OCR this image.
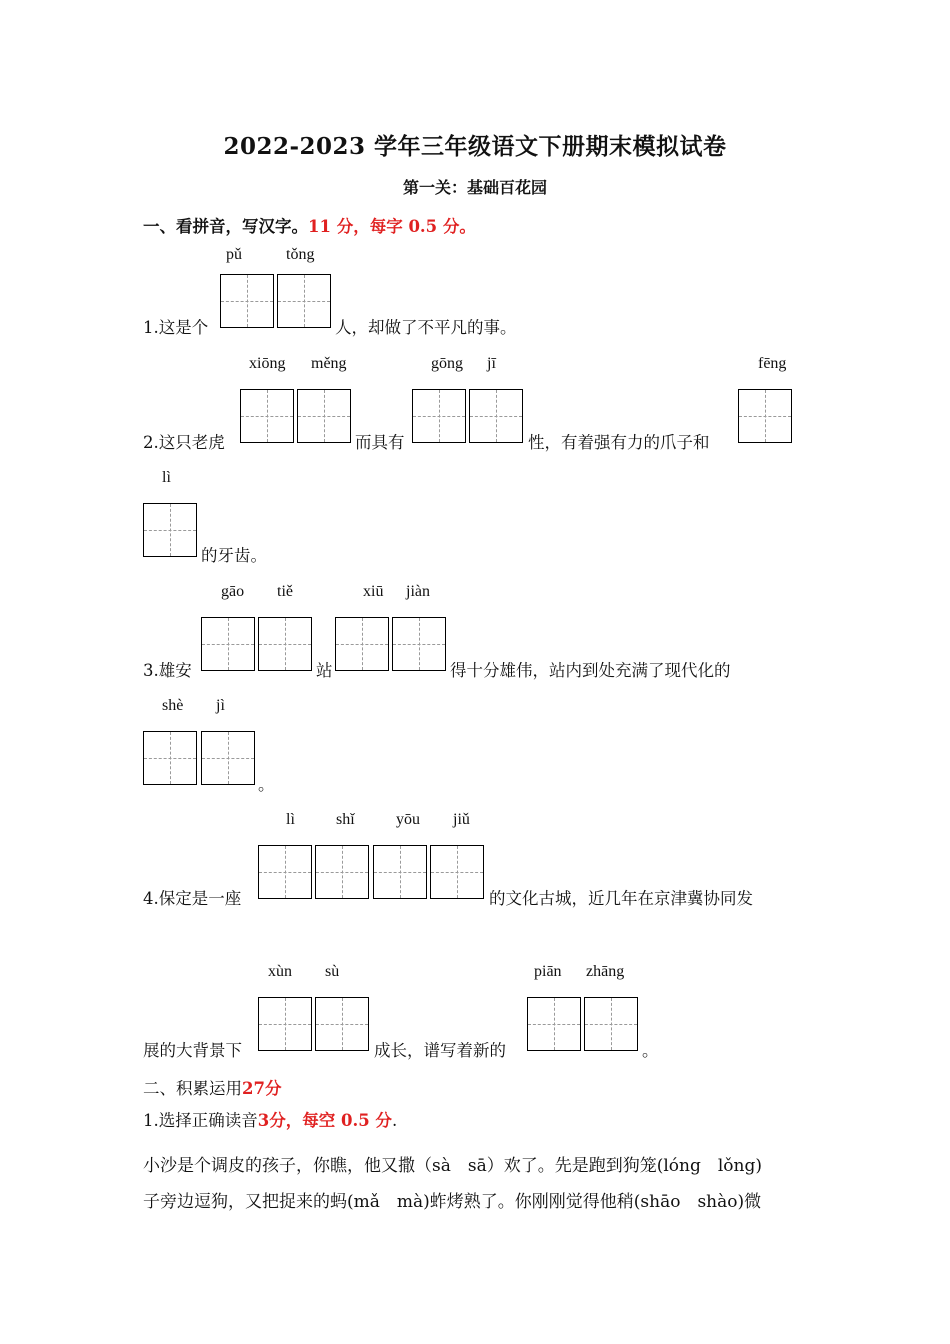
2022-2023 学年三年级语文下册期末模拟试卷
第一关：基础百花园
11 分，每字 0.5 分。
一、看拼音，写汉字。
pǔ	tǒng
1.这是个	人，却做了不平凡的事。
xiōng měng	gōng jī	fēng
2.这只老虎	而具有	性，有着强有力的爪子和
lì
的牙齿。
gāo tiě	xiū jiàn
3.雄安	站	得十分雄伟，站内到处充满了现代化的
shè jì
。
lì	shǐ	yōu jiǔ
4.保定是一座	的文化古城，近几年在京津冀协同发
xùn sù	piān zhāng
展的大背景下	成长，谱写着新的	。
二、积累运用27分
1.选择正确读音3分，每空 0.5 分.
小沙是个调皮的孩子，你瞧，他又撒（sà　sā）欢了。先是跑到狗笼(lóng　lǒng)
子旁边逗狗，又把捉来的蚂(mǎ　mà)蚱烤熟了。你刚刚觉得他稍(shāo　shào)微
